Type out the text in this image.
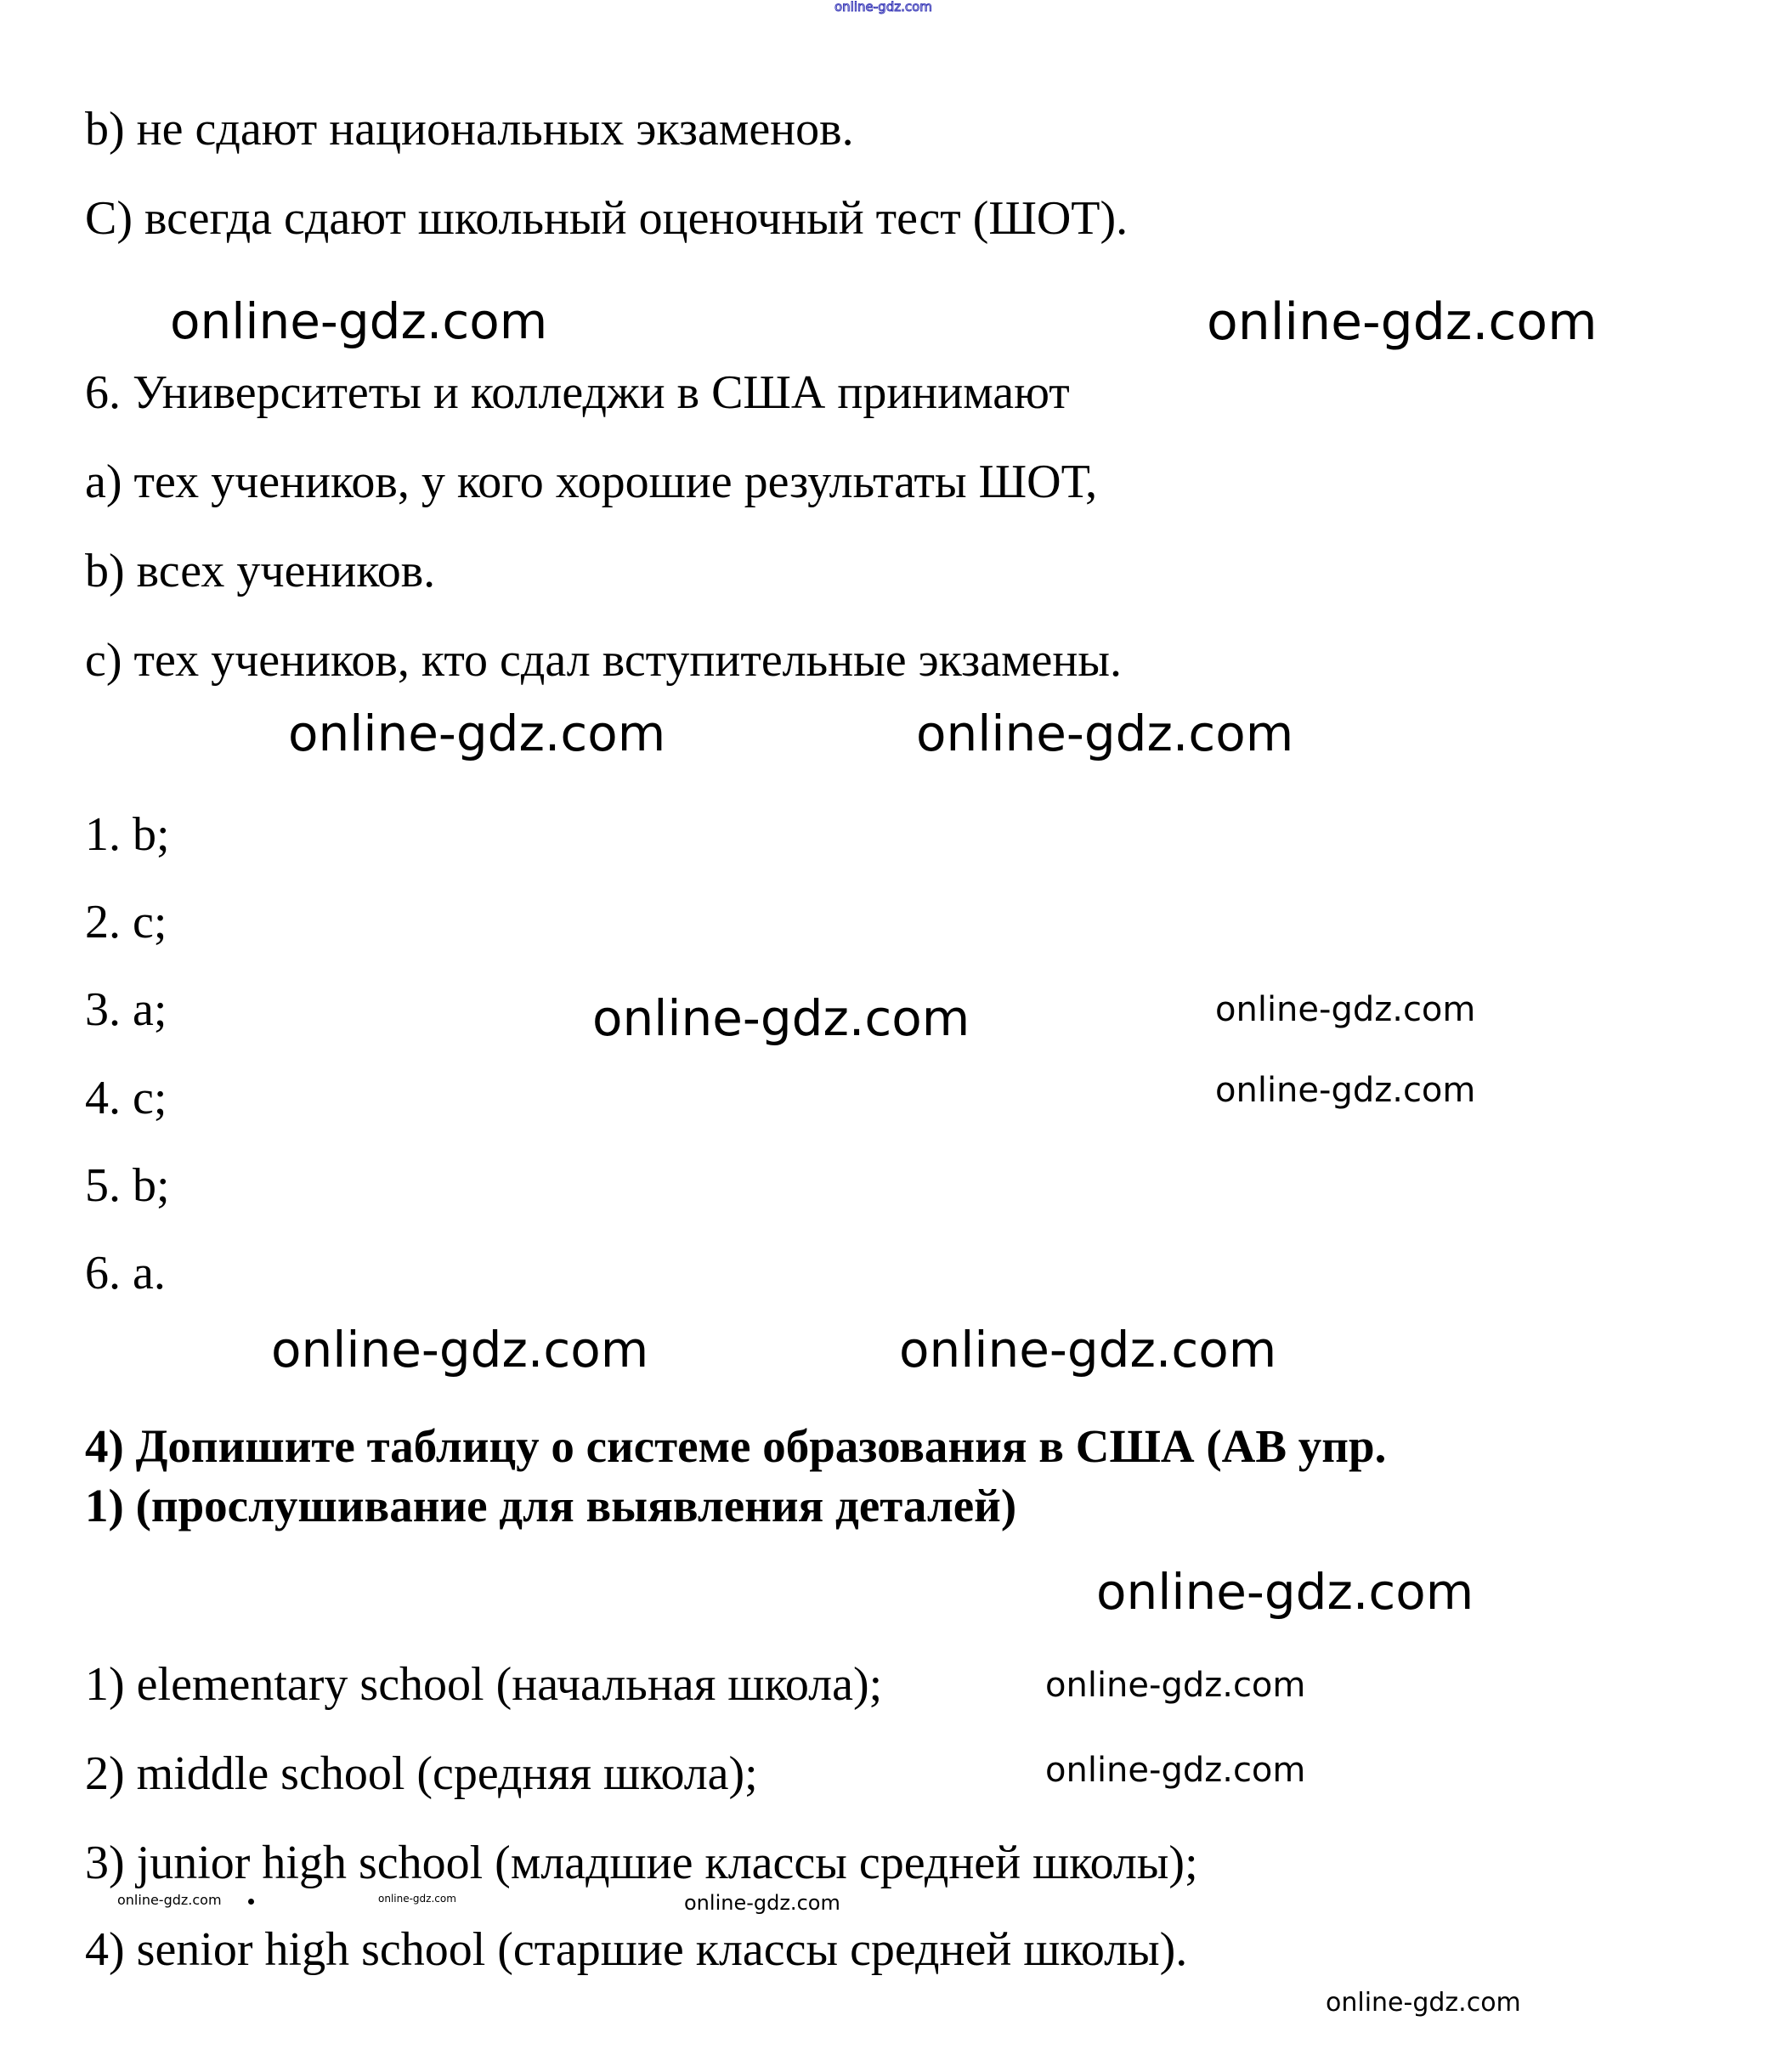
online-gdz.com
b) не сдают национальных экзаменов.
С) всегда сдают школьный оценочный тест (ШОТ).
online-gdz.com	online-gdz.com
6. Университеты и колледжи в США принимают
a) тех учеников, у кого хорошие результаты ШОТ,
b) всех учеников.
c) тех учеников, кто сдал вступительные экзамены.
online-gdz.com	online-gdz.com
1. b;
2. c;
3. a;	online-gdz.com	online-gdz.com
online-gdz.com
4. c;
5. b;
6. a.
online-gdz.com	online-gdz.com
4) Допишите таблицу о системе образования в США (АВ упр.
1) (прослушивание для выявления деталей)
online-gdz.com
1) elementary school (начальная школа);	online-gdz.com
online-gdz.com
2) middle school (средняя школа);
3) junior high school (младшие классы средней школы);
online-gdz.com	online-gdz.com	online-gdz.com
4) senior high school (старшие классы средней школы).
online-gdz.com
